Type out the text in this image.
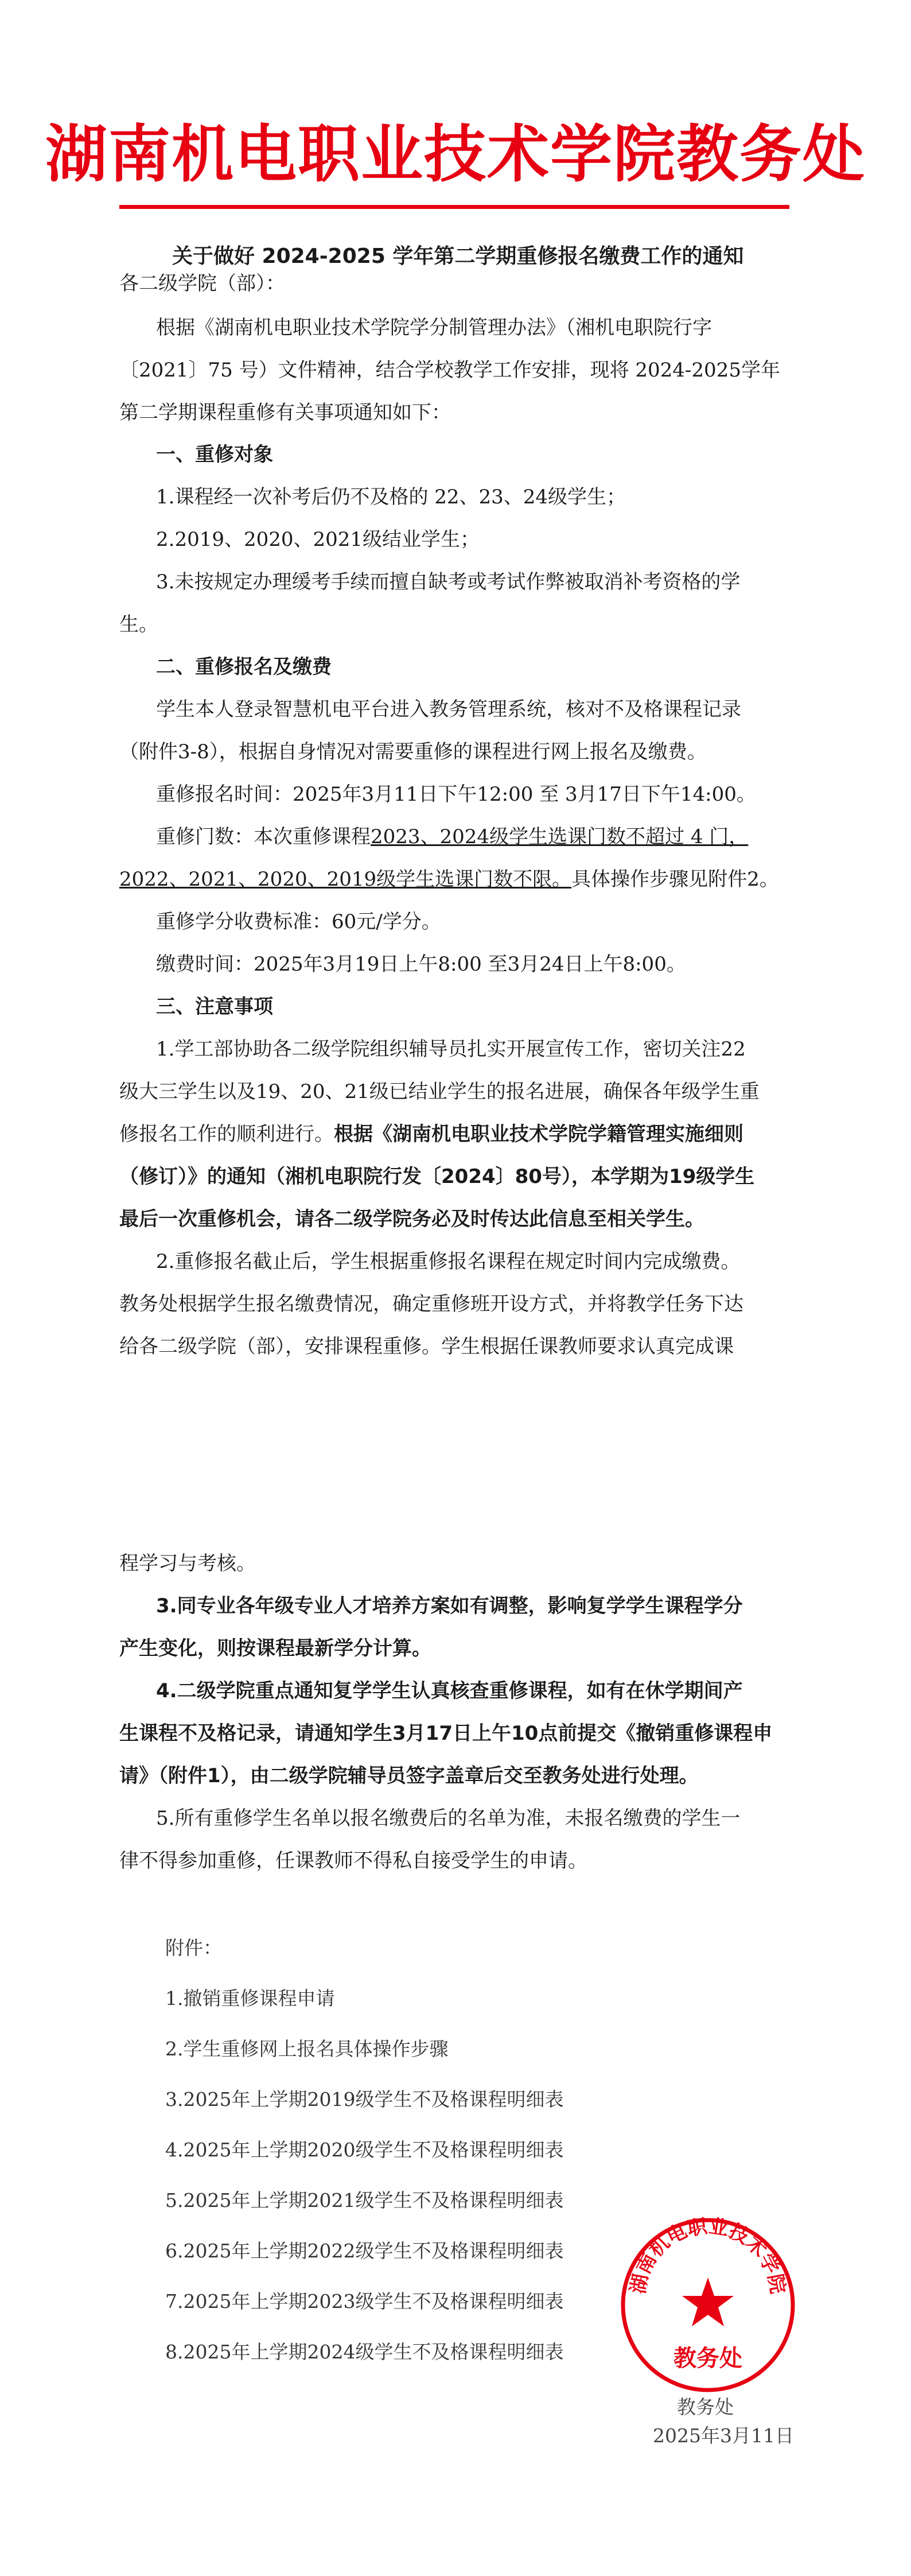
湖南机电职业技术学院教务处
关于做好 2024-2025 学年第二学期重修报名缴费工作的通知
各二级学院（部）：
根据《湖南机电职业技术学院学分制管理办法》（湘机电职院行字
〔2021〕75 号）文件精神，结合学校教学工作安排，现将 2024-2025学年
第二学期课程重修有关事项通知如下：
一、重修对象
1.课程经一次补考后仍不及格的 22、23、24级学生；
2.2019、2020、2021级结业学生；
3.未按规定办理缓考手续而擅自缺考或考试作弊被取消补考资格的学
生。
二、重修报名及缴费
学生本人登录智慧机电平台进入教务管理系统，核对不及格课程记录
（附件3-8），根据自身情况对需要重修的课程进行网上报名及缴费。
重修报名时间：2025年3月11日下午12:00 至 3月17日下午14:00。
重修门数：本次重修课程2023、2024级学生选课门数不超过 4 门，
2022、2021、2020、2019级学生选课门数不限。具体操作步骤见附件2。
重修学分收费标准：60元/学分。
缴费时间：2025年3月19日上午8:00 至3月24日上午8:00。
三、注意事项
1.学工部协助各二级学院组织辅导员扎实开展宣传工作，密切关注22
级大三学生以及19、20、21级已结业学生的报名进展，确保各年级学生重
修报名工作的顺利进行。根据《湖南机电职业技术学院学籍管理实施细则
（修订）》的通知（湘机电职院行发〔2024〕80号），本学期为19级学生
最后一次重修机会，请各二级学院务必及时传达此信息至相关学生。
2.重修报名截止后，学生根据重修报名课程在规定时间内完成缴费。
教务处根据学生报名缴费情况，确定重修班开设方式，并将教学任务下达
给各二级学院（部），安排课程重修。学生根据任课教师要求认真完成课
程学习与考核。
3.同专业各年级专业人才培养方案如有调整，影响复学学生课程学分
产生变化，则按课程最新学分计算。
4.二级学院重点通知复学学生认真核查重修课程，如有在休学期间产
生课程不及格记录，请通知学生3月17日上午10点前提交《撤销重修课程申
请》（附件1），由二级学院辅导员签字盖章后交至教务处进行处理。
5.所有重修学生名单以报名缴费后的名单为准，未报名缴费的学生一
律不得参加重修，任课教师不得私自接受学生的申请。
附件：
1.撤销重修课程申请
2.学生重修网上报名具体操作步骤
3.2025年上学期2019级学生不及格课程明细表
4.2025年上学期2020级学生不及格课程明细表
5.2025年上学期2021级学生不及格课程明细表
6.2025年上学期2022级学生不及格课程明细表
7.2025年上学期2023级学生不及格课程明细表
8.2025年上学期2024级学生不及格课程明细表
湖南机电职业技术学院
教务处
教务处
2025年3月11日
